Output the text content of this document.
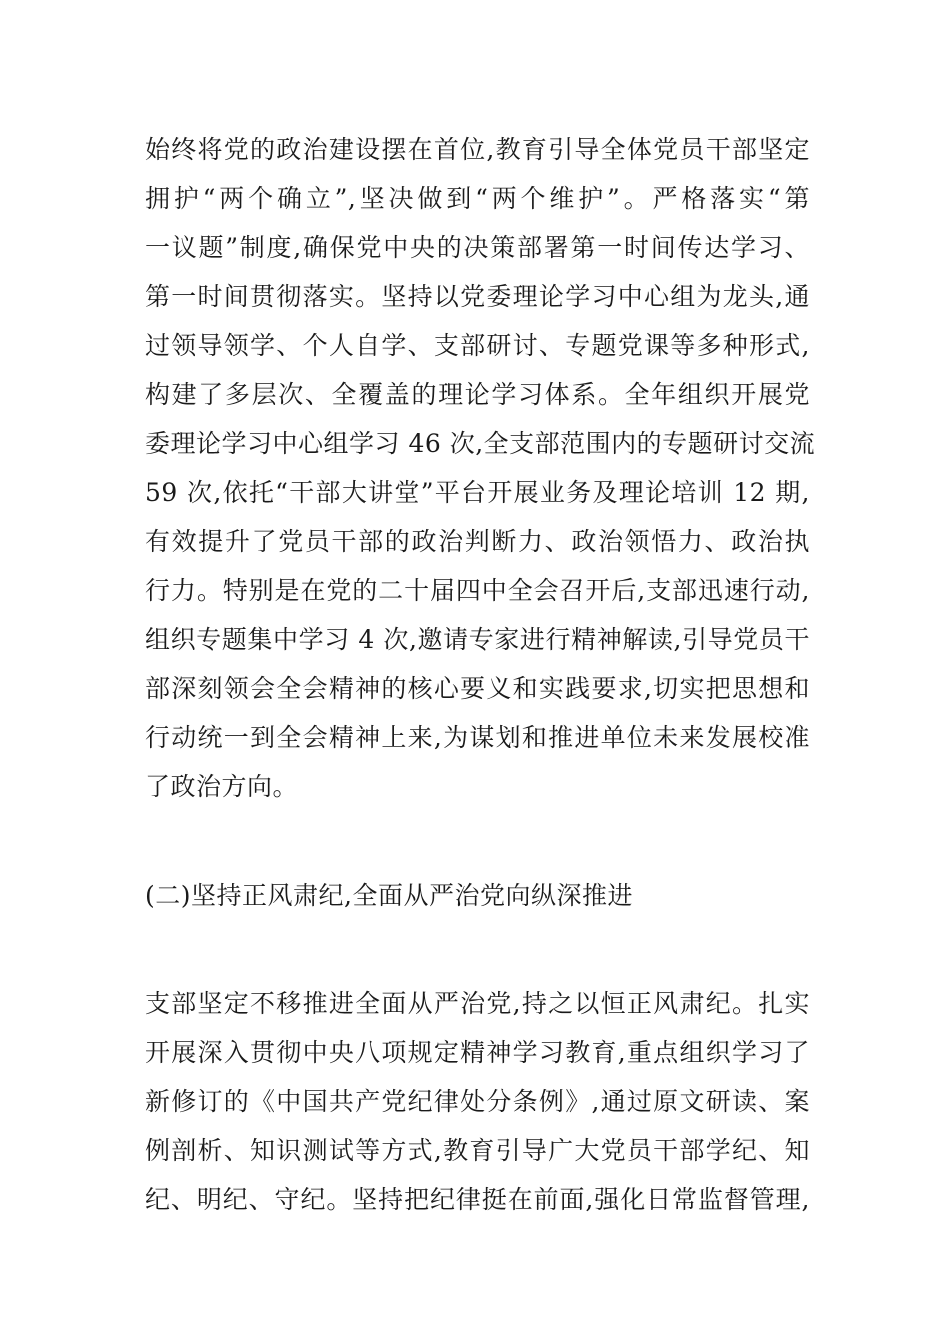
始终将党的政治建设摆在首位,教育引导全体党员干部坚定
拥护“两个确立”,坚决做到“两个维护”。严格落实“第
一议题”制度,确保党中央的决策部署第一时间传达学习、
第一时间贯彻落实。坚持以党委理论学习中心组为龙头,通
过领导领学、个人自学、支部研讨、专题党课等多种形式,
构建了多层次、全覆盖的理论学习体系。全年组织开展党
委理论学习中心组学习 46 次,全支部范围内的专题研讨交流
59 次,依托“干部大讲堂”平台开展业务及理论培训 12 期,
有效提升了党员干部的政治判断力、政治领悟力、政治执
行力。特别是在党的二十届四中全会召开后,支部迅速行动,
组织专题集中学习 4 次,邀请专家进行精神解读,引导党员干
部深刻领会全会精神的核心要义和实践要求,切实把思想和
行动统一到全会精神上来,为谋划和推进单位未来发展校准
了政治方向。
(二)坚持正风肃纪,全面从严治党向纵深推进
支部坚定不移推进全面从严治党,持之以恒正风肃纪。扎实
开展深入贯彻中央八项规定精神学习教育,重点组织学习了
新修订的《中国共产党纪律处分条例》,通过原文研读、案
例剖析、知识测试等方式,教育引导广大党员干部学纪、知
纪、明纪、守纪。坚持把纪律挺在前面,强化日常监督管理,
